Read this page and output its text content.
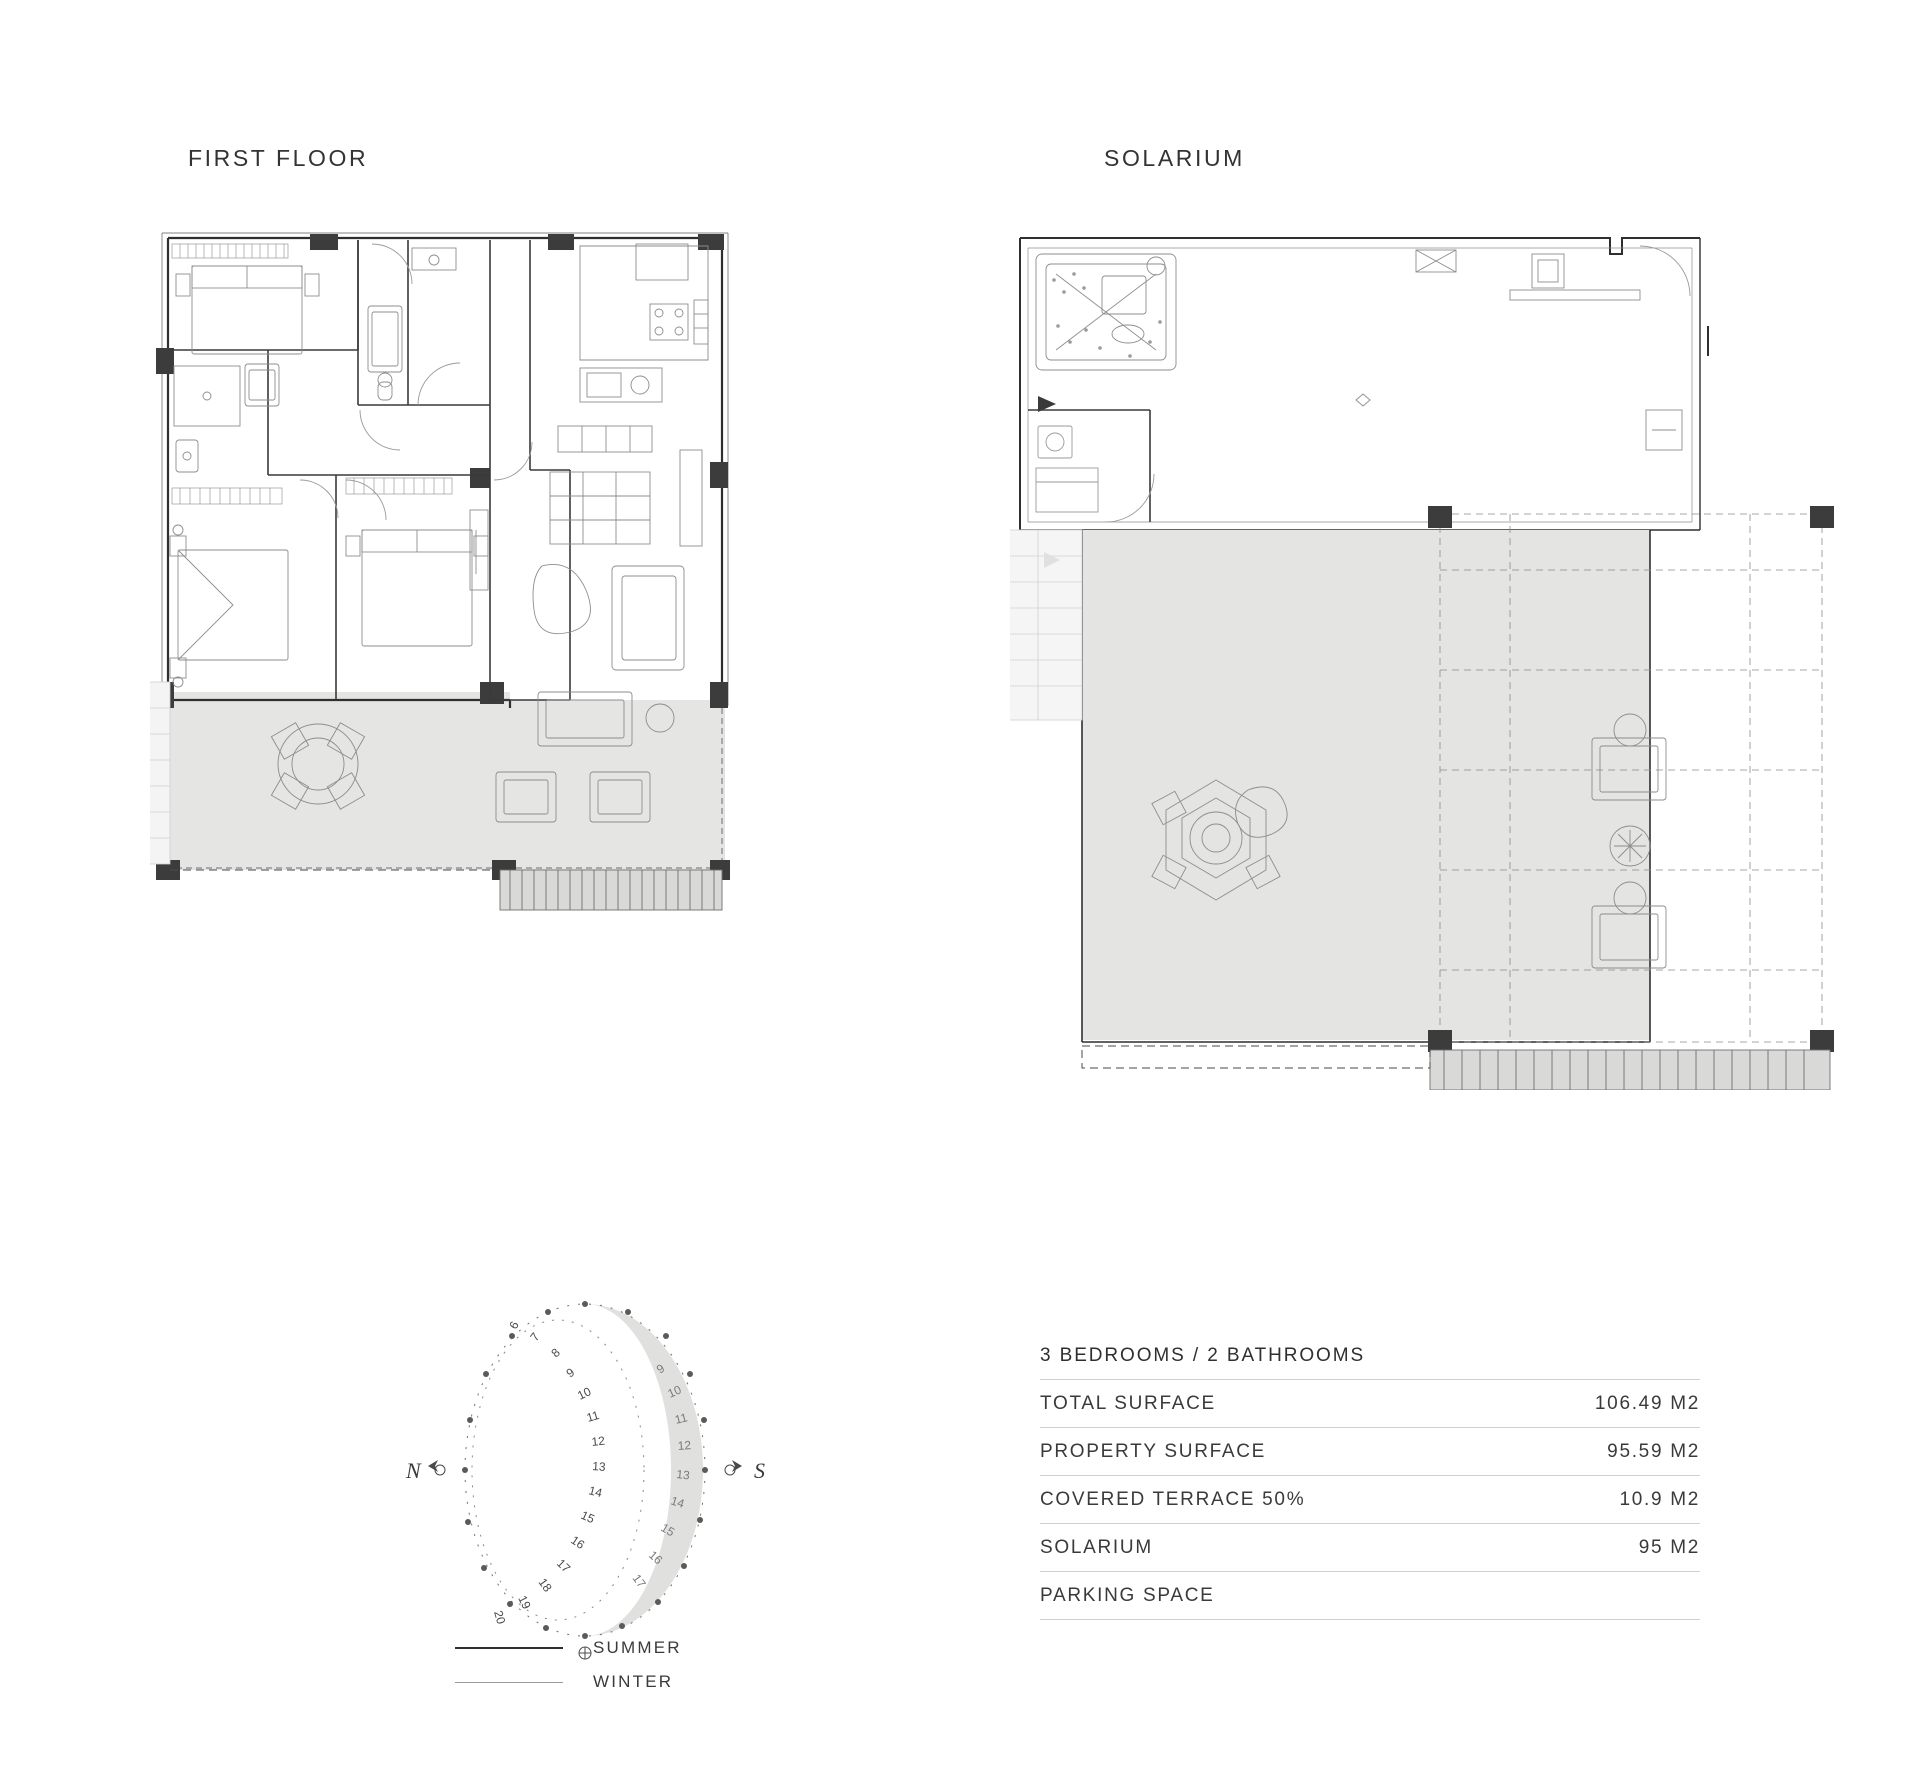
FIRST FLOOR	SOLARIUM
N	S
6
7
8
9
10
11
12
13
14
15
16
17
18
19
20
9
10
11
12
13
14
15
16
17
SUMMER
WINTER
3 BEDROOMS / 2 BATHROOMS
TOTAL SURFACE	106.49 M2
PROPERTY SURFACE	95.59 M2
COVERED TERRACE 50%	10.9 M2
SOLARIUM	95 M2
PARKING SPACE	
